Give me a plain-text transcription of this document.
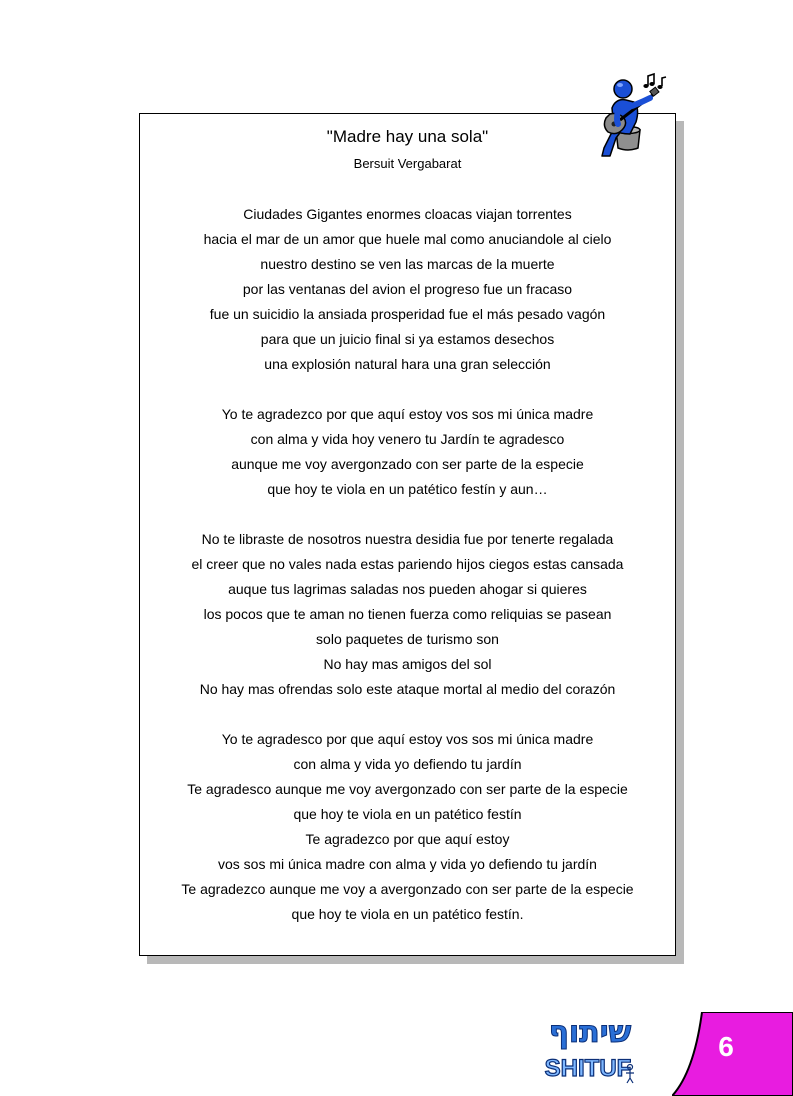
"Madre hay una sola"
Bersuit Vergabarat
Ciudades Gigantes enormes cloacas viajan torrentes
hacia el mar de un amor que huele mal como anuciandole al cielo
nuestro destino se ven las marcas de la muerte
por las ventanas del avion el progreso fue un fracaso
fue un suicidio la ansiada prosperidad fue el más pesado vagón
para que un juicio final si ya estamos desechos
una explosión natural hara una gran selección
Yo te agradezco por que aquí estoy vos sos mi única madre
con alma y vida hoy venero tu Jardín te agradesco
aunque me voy avergonzado con ser parte de la especie
que hoy te viola en un patético festín y aun…
No te libraste de nosotros nuestra desidia fue por tenerte regalada
el creer que no vales nada estas pariendo hijos ciegos estas cansada
auque tus lagrimas saladas nos pueden ahogar si quieres
los pocos que te aman no tienen fuerza como reliquias se pasean
solo paquetes de turismo son
No hay mas amigos del sol
No hay mas ofrendas solo este ataque mortal al medio del corazón
Yo te agradesco por que aquí estoy vos sos mi única madre
con alma y vida yo defiendo tu jardín
Te agradesco aunque me voy avergonzado con ser parte de la especie
que hoy te viola en un patético festín
Te agradezco por que aquí estoy
vos sos mi única madre con alma y vida yo defiendo tu jardín
Te agradezco aunque me voy a avergonzado con ser parte de la especie
que hoy te viola en un patético festín.
שיתוף
SHITUF
6
